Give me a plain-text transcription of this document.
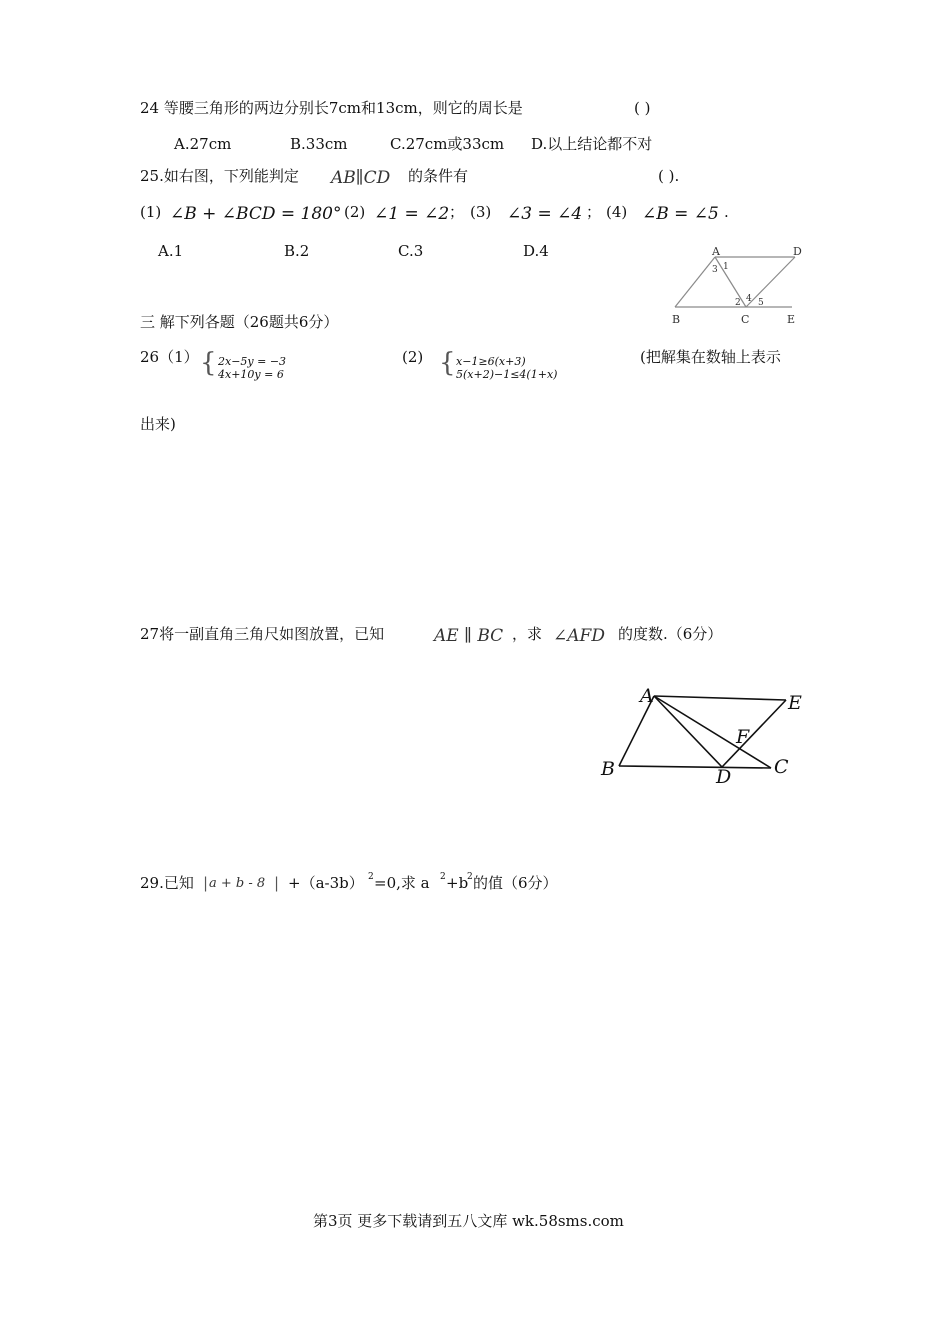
24 等腰三角形的两边分别长7cm和13cm，则它的周长是	( )
A.27cm	B.33cm	C.27cm或33cm D.以上结论都不对
25.如右图，下列能判定 AB∥CD 的条件有	( ).
(1) ∠B + ∠BCD = 180° (2) ∠1 = ∠2 ； (3) ∠3 = ∠4 ； (4) ∠B = ∠5 .
A.1	B.2	C.3	D.4	A	D
B	C	E
1
3
2 4 5
三 解下列各题（26题共6分）
26（1） { 2x−5y = −3
4x+10y = 6
(2) { x−1≥6(x+3)
5(x+2)−1≤4(1+x)
(把解集在数轴上表示
出来)
27将一副直角三角尺如图放置，已知	AE ∥ BC ，求 ∠AFD 的度数.（6分）
A	E
F
B	D C
29.已知 | a + b - 8 | +（a-3b） 2 =0,求 a 2 +b
2 的值（6分）
第3页 更多下载请到五八文库 wk.58sms.com
